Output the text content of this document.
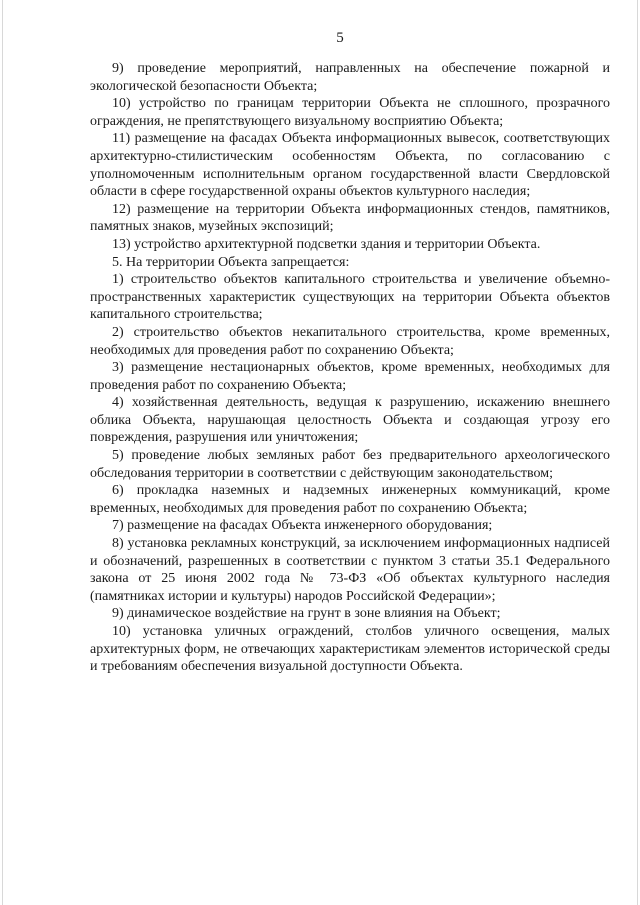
5

9) проведение мероприятий, направленных на обеспечение пожарной и экологической безопасности Объекта;

10) устройство по границам территории Объекта не сплошного, прозрачного ограждения, не препятствующего визуальному восприятию Объекта;

11) размещение на фасадах Объекта информационных вывесок, соответствующих архитектурно-стилистическим особенностям Объекта, по согласованию с уполномоченным исполнительным органом государственной власти Свердловской области в сфере государственной охраны объектов культурного наследия;

12) размещение на территории Объекта информационных стендов, памятников, памятных знаков, музейных экспозиций;

13) устройство архитектурной подсветки здания и территории Объекта.

5. На территории Объекта запрещается:

1) строительство объектов капитального строительства и увеличение объемно-пространственных характеристик существующих на территории Объекта объектов капитального строительства;

2) строительство объектов некапитального строительства, кроме временных, необходимых для проведения работ по сохранению Объекта;

3) размещение нестационарных объектов, кроме временных, необходимых для проведения работ по сохранению Объекта;

4) хозяйственная деятельность, ведущая к разрушению, искажению внешнего облика Объекта, нарушающая целостность Объекта и создающая угрозу его повреждения, разрушения или уничтожения;

5) проведение любых земляных работ без предварительного археологического обследования территории в соответствии с действующим законодательством;

6) прокладка наземных и надземных инженерных коммуникаций, кроме временных, необходимых для проведения работ по сохранению Объекта;

7) размещение на фасадах Объекта инженерного оборудования;

8) установка рекламных конструкций, за исключением информационных надписей и обозначений, разрешенных в соответствии с пунктом 3 статьи 35.1 Федерального закона от 25 июня 2002 года № 73-ФЗ «Об объектах культурного наследия (памятниках истории и культуры) народов Российской Федерации»;

9) динамическое воздействие на грунт в зоне влияния на Объект;

10) установка уличных ограждений, столбов уличного освещения, малых архитектурных форм, не отвечающих характеристикам элементов исторической среды и требованиям обеспечения визуальной доступности Объекта.
